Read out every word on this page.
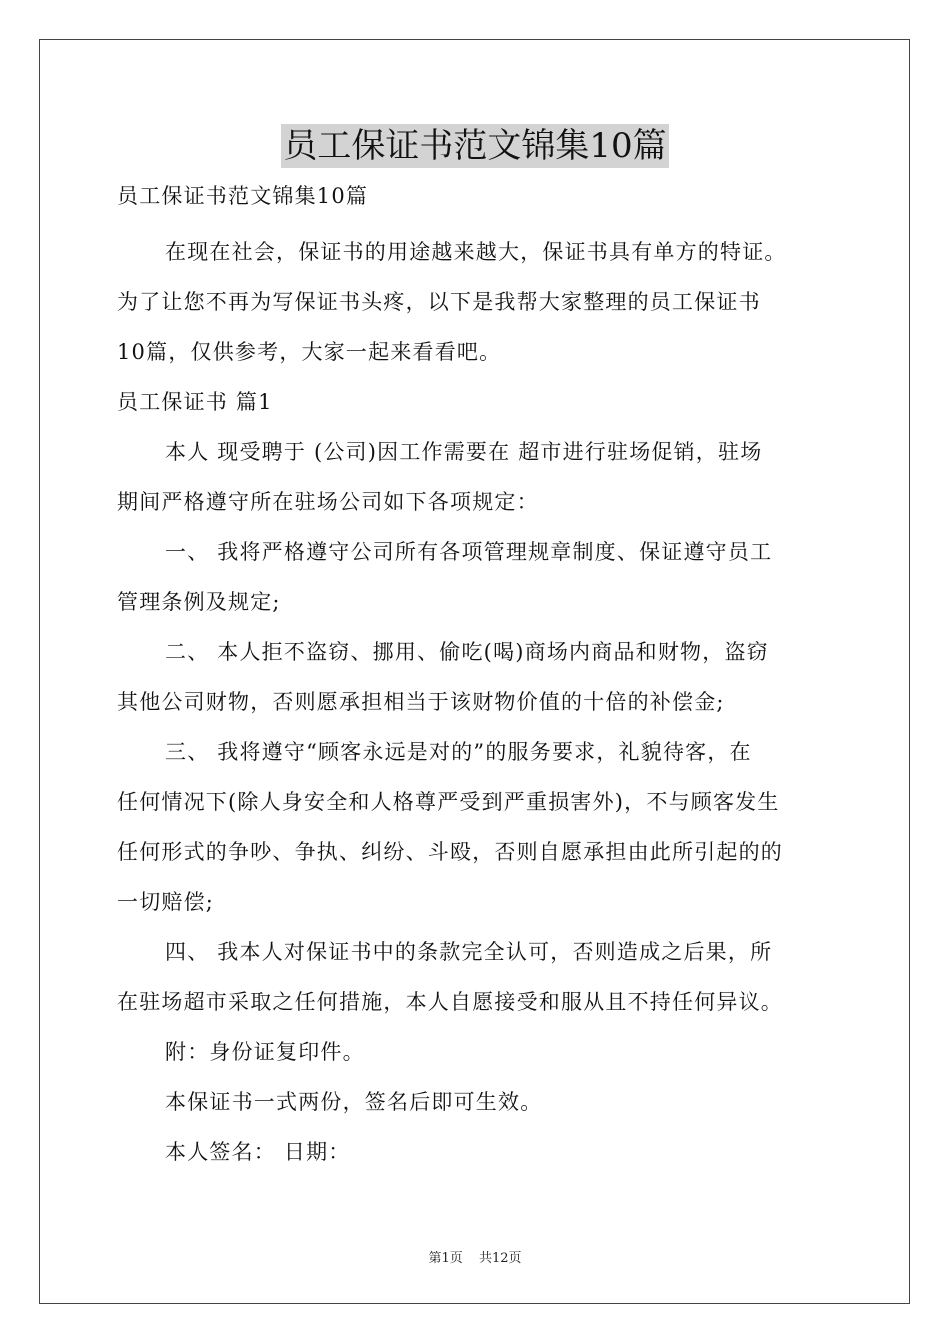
员工保证书范文锦集10篇
员工保证书范文锦集10篇
在现在社会，保证书的用途越来越大，保证书具有单方的特证。
为了让您不再为写保证书头疼，以下是我帮大家整理的员工保证书
10篇，仅供参考，大家一起来看看吧。
员工保证书 篇1
本人 现受聘于 (公司)因工作需要在 超市进行驻场促销，驻场
期间严格遵守所在驻场公司如下各项规定：
一、 我将严格遵守公司所有各项管理规章制度、保证遵守员工
管理条例及规定;
二、 本人拒不盗窃、挪用、偷吃(喝)商场内商品和财物，盗窃
其他公司财物，否则愿承担相当于该财物价值的十倍的补偿金;
三、 我将遵守“顾客永远是对的”的服务要求，礼貌待客，在
任何情况下(除人身安全和人格尊严受到严重损害外)，不与顾客发生
任何形式的争吵、争执、纠纷、斗殴，否则自愿承担由此所引起的的
一切赔偿;
四、 我本人对保证书中的条款完全认可，否则造成之后果，所
在驻场超市采取之任何措施，本人自愿接受和服从且不持任何异议。
附：身份证复印件。
本保证书一式两份，签名后即可生效。
本人签名： 日期：
第1页 共12页
